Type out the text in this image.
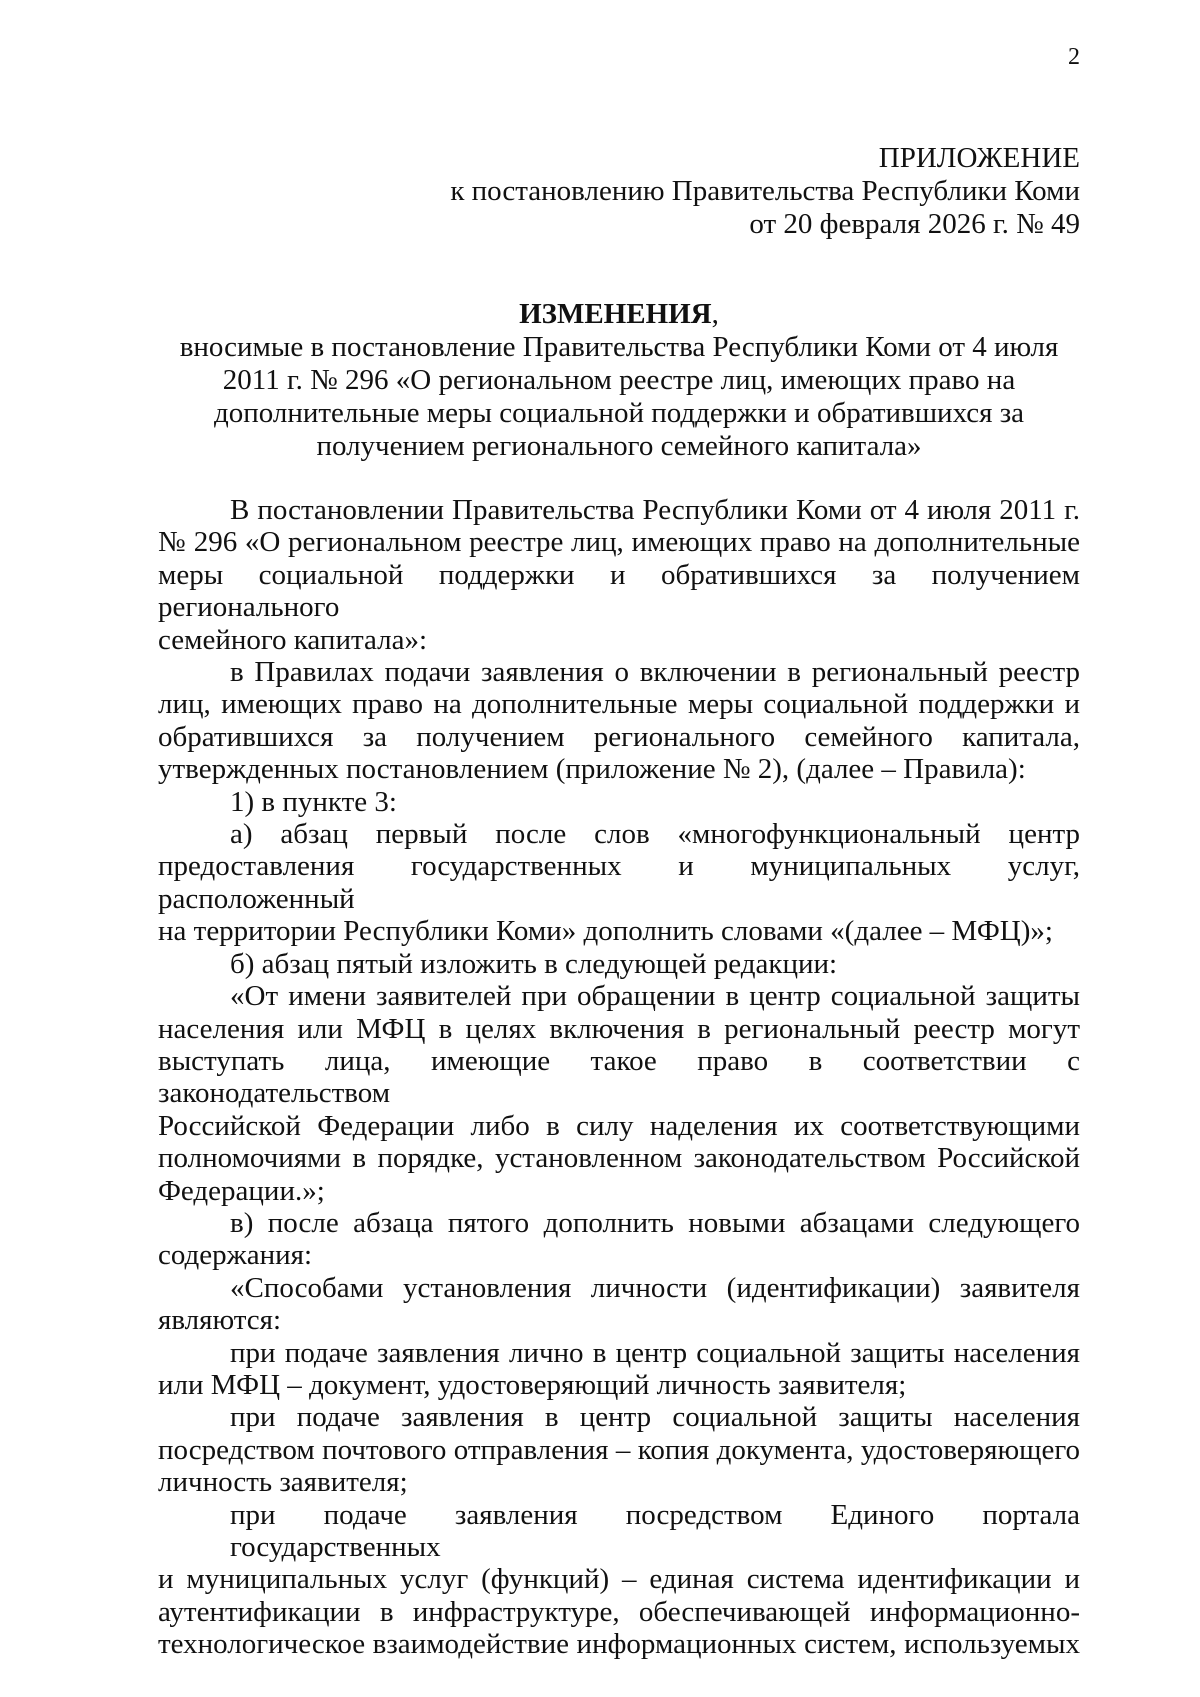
2
ПРИЛОЖЕНИЕ
к постановлению Правительства Республики Коми
от 20 февраля 2026 г. № 49
ИЗМЕНЕНИЯ,
вносимые в постановление Правительства Республики Коми от 4 июля
2011 г. № 296 «О региональном реестре лиц, имеющих право на
дополнительные меры социальной поддержки и обратившихся за
получением регионального семейного капитала»
В постановлении Правительства Республики Коми от 4 июля 2011 г.
№ 296 «О региональном реестре лиц, имеющих право на дополнительные
меры социальной поддержки и обратившихся за получением регионального
семейного капитала»:
в Правилах подачи заявления о включении в региональный реестр
лиц, имеющих право на дополнительные меры социальной поддержки и
обратившихся за получением регионального семейного капитала,
утвержденных постановлением (приложение № 2), (далее – Правила):
1) в пункте 3:
а) абзац первый после слов «многофункциональный центр
предоставления государственных и муниципальных услуг, расположенный
на территории Республики Коми» дополнить словами «(далее – МФЦ)»;
б) абзац пятый изложить в следующей редакции:
«От имени заявителей при обращении в центр социальной защиты
населения или МФЦ в целях включения в региональный реестр могут
выступать лица, имеющие такое право в соответствии с законодательством
Российской Федерации либо в силу наделения их соответствующими
полномочиями в порядке, установленном законодательством Российской
Федерации.»;
в) после абзаца пятого дополнить новыми абзацами следующего
содержания:
«Способами установления личности (идентификации) заявителя
являются:
при подаче заявления лично в центр социальной защиты населения
или МФЦ – документ, удостоверяющий личность заявителя;
при подаче заявления в центр социальной защиты населения
посредством почтового отправления – копия документа, удостоверяющего
личность заявителя;
при подаче заявления посредством Единого портала государственных
и муниципальных услуг (функций) – единая система идентификации и
аутентификации в инфраструктуре, обеспечивающей информационно-
технологическое взаимодействие информационных систем, используемых
